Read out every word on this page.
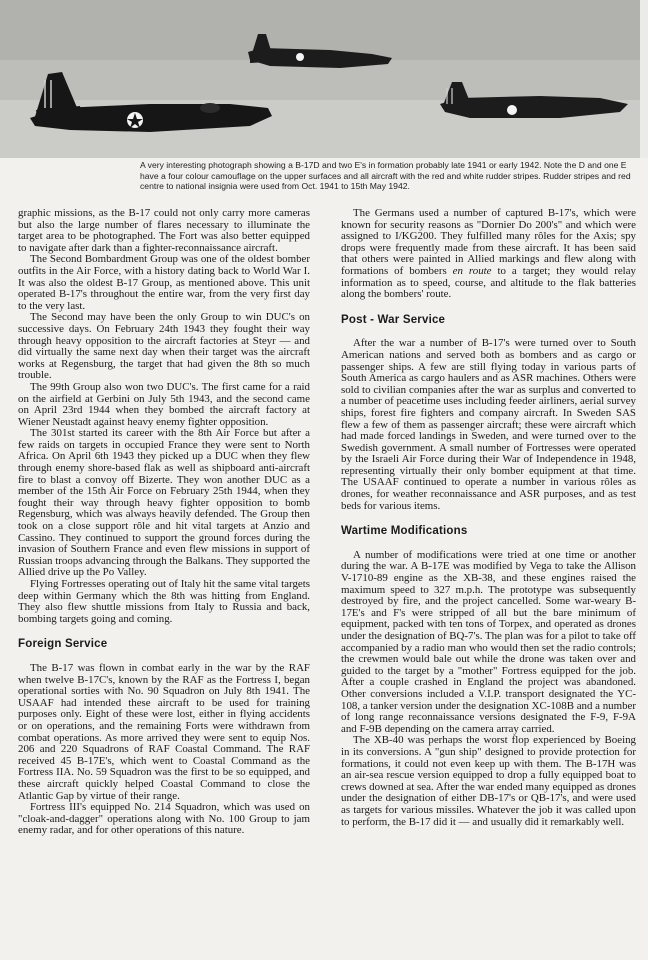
A very interesting photograph showing a B-17D and two E's in formation probably late 1941 or early 1942. Note the D and one E have a four colour camouflage on the upper surfaces and all aircraft with the red and white rudder stripes. Rudder stripes and red centre to national insignia were used from Oct. 1941 to 15th May 1942.

graphic missions, as the B-17 could not only carry more cameras but also the large number of flares necessary to illuminate the target area to be photographed. The Fort was also better equipped to navigate after dark than a fighter-reconnaissance aircraft.

The Second Bombardment Group was one of the oldest bomber outfits in the Air Force, with a history dating back to World War I. It was also the oldest B-17 Group, as mentioned above. This unit operated B-17's throughout the entire war, from the very first day to the very last.

The Second may have been the only Group to win DUC's on successive days. On February 24th 1943 they fought their way through heavy opposition to the aircraft factories at Steyr — and did virtually the same next day when their target was the aircraft works at Regensburg, the target that had given the 8th so much trouble.

The 99th Group also won two DUC's. The first came for a raid on the airfield at Gerbini on July 5th 1943, and the second came on April 23rd 1944 when they bombed the aircraft factory at Wiener Neustadt against heavy enemy fighter opposition.

The 301st started its career with the 8th Air Force but after a few raids on targets in occupied France they were sent to North Africa. On April 6th 1943 they picked up a DUC when they flew through enemy shore-based flak as well as shipboard anti-aircraft fire to blast a convoy off Bizerte. They won another DUC as a member of the 15th Air Force on February 25th 1944, when they fought their way through heavy fighter opposition to bomb Regensburg, which was always heavily defended. The Group then took on a close support rôle and hit vital targets at Anzio and Cassino. They continued to support the ground forces during the invasion of Southern France and even flew missions in support of Russian troops advancing through the Balkans. They supported the Allied drive up the Po Valley.

Flying Fortresses operating out of Italy hit the same vital targets deep within Germany which the 8th was hitting from England. They also flew shuttle missions from Italy to Russia and back, bombing targets going and coming.

Foreign Service

The B-17 was flown in combat early in the war by the RAF when twelve B-17C's, known by the RAF as the Fortress I, began operational sorties with No. 90 Squadron on July 8th 1941. The USAAF had intended these aircraft to be used for training purposes only. Eight of these were lost, either in flying accidents or on operations, and the remaining Forts were withdrawn from combat operations. As more arrived they were sent to equip Nos. 206 and 220 Squadrons of RAF Coastal Command. The RAF received 45 B-17E's, which went to Coastal Command as the Fortress IIA. No. 59 Squadron was the first to be so equipped, and these aircraft quickly helped Coastal Command to close the Atlantic Gap by virtue of their range.

Fortress III's equipped No. 214 Squadron, which was used on "cloak-and-dagger" operations along with No. 100 Group to jam enemy radar, and for other operations of this nature.

The Germans used a number of captured B-17's, which were known for security reasons as "Dornier Do 200's" and which were assigned to I/KG200. They fulfilled many rôles for the Axis; spy drops were frequently made from these aircraft. It has been said that others were painted in Allied markings and flew along with formations of bombers en route to a target; they would relay information as to speed, course, and altitude to the flak batteries along the bombers' route.

Post - War Service

After the war a number of B-17's were turned over to South American nations and served both as bombers and as cargo or passenger ships. A few are still flying today in various parts of South America as cargo haulers and as ASR machines. Others were sold to civilian companies after the war as surplus and converted to a number of peacetime uses including feeder airliners, aerial survey ships, forest fire fighters and company aircraft. In Sweden SAS flew a few of them as passenger aircraft; these were aircraft which had made forced landings in Sweden, and were turned over to the Swedish government. A small number of Fortresses were operated by the Israeli Air Force during their War of Independence in 1948, representing virtually their only bomber equipment at that time. The USAAF continued to operate a number in various rôles as drones, for weather reconnaissance and ASR purposes, and as test beds for various items.

Wartime Modifications

A number of modifications were tried at one time or another during the war. A B-17E was modified by Vega to take the Allison V-1710-89 engine as the XB-38, and these engines raised the maximum speed to 327 m.p.h. The prototype was subsequently destroyed by fire, and the project cancelled. Some war-weary B-17E's and F's were stripped of all but the bare minimum of equipment, packed with ten tons of Torpex, and operated as drones under the designation of BQ-7's. The plan was for a pilot to take off accompanied by a radio man who would then set the radio controls; the crewmen would bale out while the drone was taken over and guided to the target by a "mother" Fortress equipped for the job. After a couple crashed in England the project was abandoned. Other conversions included a V.I.P. transport designated the YC-108, a tanker version under the designation XC-108B and a number of long range reconnaissance versions designated the F-9, F-9A and F-9B depending on the camera array carried.

The XB-40 was perhaps the worst flop experienced by Boeing in its conversions. A "gun ship" designed to provide protection for formations, it could not even keep up with them. The B-17H was an air-sea rescue version equipped to drop a fully equipped boat to crews downed at sea. After the war ended many equipped as drones under the designation of either DB-17's or QB-17's, and were used as targets for various missiles. Whatever the job it was called upon to perform, the B-17 did it — and usually did it remarkably well.
